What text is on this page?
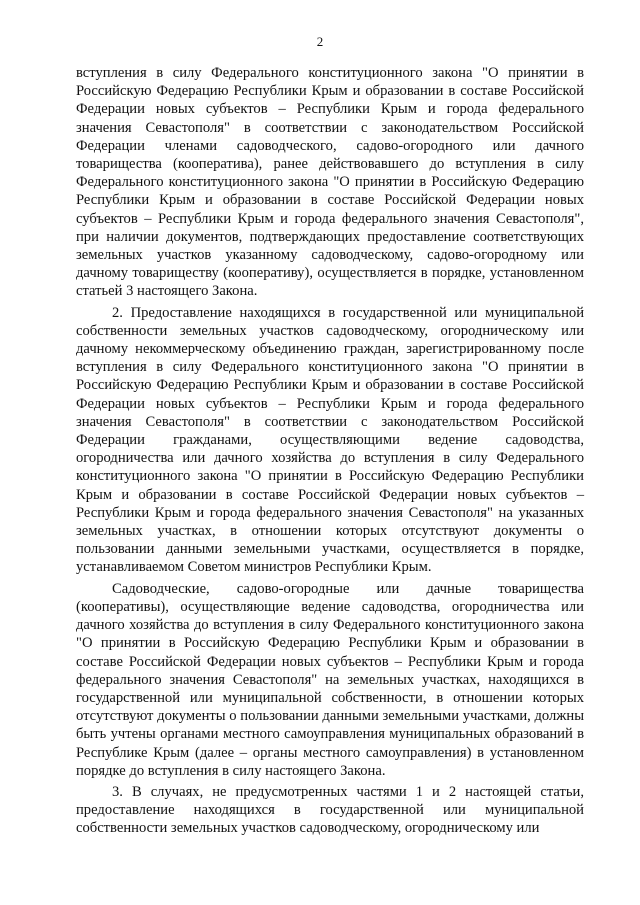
2

вступления в силу Федерального конституционного закона "О принятии в Российскую Федерацию Республики Крым и образовании в составе Российской Федерации новых субъектов – Республики Крым и города федерального значения Севастополя" в соответствии с законодательством Российской Федерации членами садоводческого, садово-огородного или дачного товарищества (кооператива), ранее действовавшего до вступления в силу Федерального конституционного закона "О принятии в Российскую Федерацию Республики Крым и образовании в составе Российской Федерации новых субъектов – Республики Крым и города федерального значения Севастополя", при наличии документов, подтверждающих предоставление соответствующих земельных участков указанному садоводческому, садово-огородному или дачному товариществу (кооперативу), осуществляется в порядке, установленном статьей 3 настоящего Закона.

2. Предоставление находящихся в государственной или муниципальной собственности земельных участков садоводческому, огородническому или дачному некоммерческому объединению граждан, зарегистрированному после вступления в силу Федерального конституционного закона "О принятии в Российскую Федерацию Республики Крым и образовании в составе Российской Федерации новых субъектов – Республики Крым и города федерального значения Севастополя" в соответствии с законодательством Российской Федерации гражданами, осуществляющими ведение садоводства, огородничества или дачного хозяйства до вступления в силу Федерального конституционного закона "О принятии в Российскую Федерацию Республики Крым и образовании в составе Российской Федерации новых субъектов – Республики Крым и города федерального значения Севастополя" на указанных земельных участках, в отношении которых отсутствуют документы о пользовании данными земельными участками, осуществляется в порядке, устанавливаемом Советом министров Республики Крым.

Садоводческие, садово-огородные или дачные товарищества (кооперативы), осуществляющие ведение садоводства, огородничества или дачного хозяйства до вступления в силу Федерального конституционного закона "О принятии в Российскую Федерацию Республики Крым и образовании в составе Российской Федерации новых субъектов – Республики Крым и города федерального значения Севастополя" на земельных участках, находящихся в государственной или муниципальной собственности, в отношении которых отсутствуют документы о пользовании данными земельными участками, должны быть учтены органами местного самоуправления муниципальных образований в Республике Крым (далее – органы местного самоуправления) в установленном порядке до вступления в силу настоящего Закона.

3. В случаях, не предусмотренных частями 1 и 2 настоящей статьи, предоставление находящихся в государственной или муниципальной собственности земельных участков садоводческому, огородническому или
